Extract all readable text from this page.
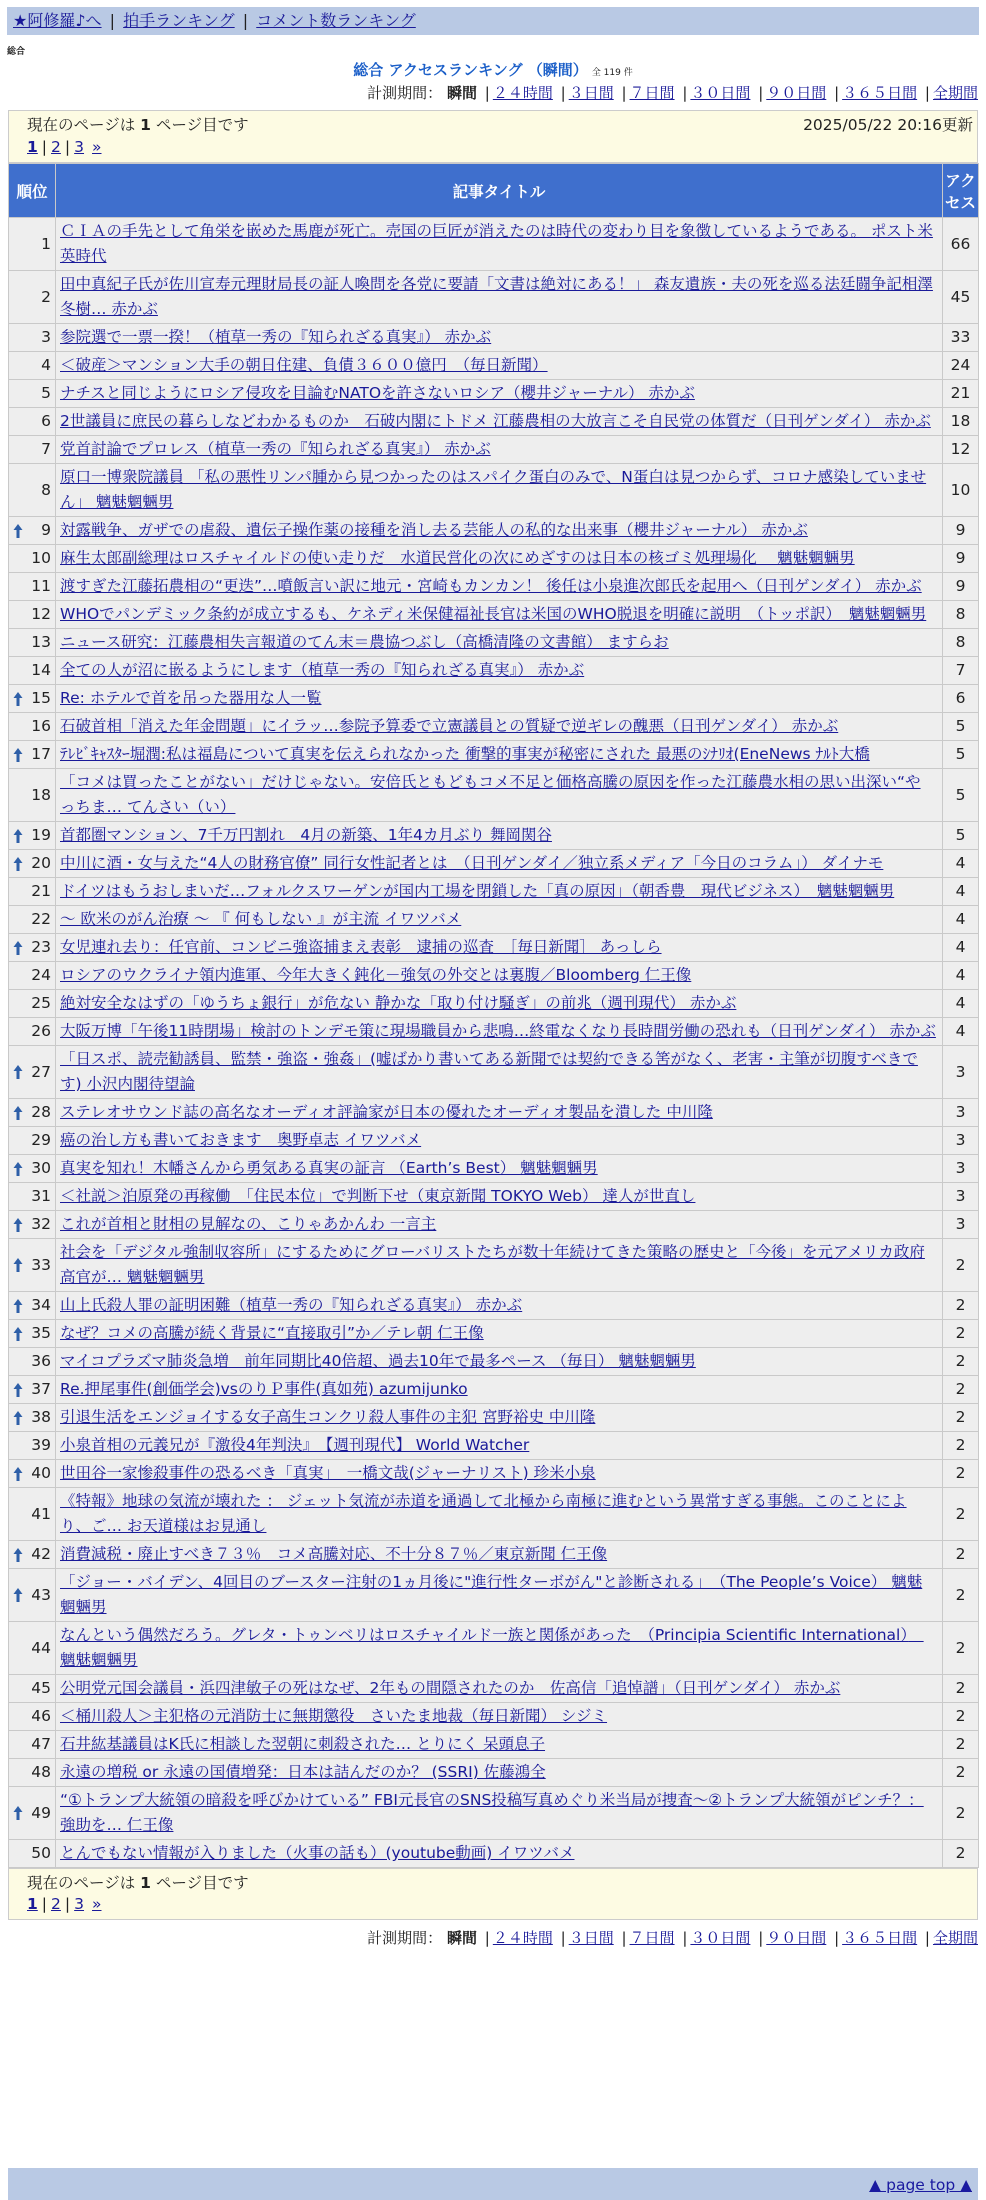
★阿修羅♪へ | 拍手ランキング | コメント数ランキング
総合
総合 アクセスランキング （瞬間） 全 119 件
計測期間： 瞬間 | ２４時間 | ３日間 | ７日間 | ３０日間 | ９０日間 | ３６５日間 | 全期間
現在のページは 1 ページ目です	2025/05/22 20:16更新
1 | 2 | 3 »
順位	記事タイトル	アクセス
1	ＣＩＡの手先として角栄を嵌めた馬鹿が死亡。売国の巨匠が消えたのは時代の変わり目を象徴しているようである。 ポスト米英時代	66
2	田中真紀子氏が佐川宣寿元理財局長の証人喚問を各党に要請「文書は絶対にある！」 森友遺族・夫の死を巡る法廷闘争記相澤冬樹… 赤かぶ	45
3	参院選で一票一揆！（植草一秀の『知られざる真実』） 赤かぶ	33
4	＜破産＞マンション大手の朝日住建、負債３６００億円　（毎日新聞）	24
5	ナチスと同じようにロシア侵攻を目論むNATOを許さないロシア（櫻井ジャーナル） 赤かぶ	21
6	2世議員に庶民の暮らしなどわかるものか　石破内閣にトドメ 江藤農相の大放言こそ自民党の体質だ（日刊ゲンダイ） 赤かぶ	18
7	党首討論でプロレス（植草一秀の『知られざる真実』） 赤かぶ	12
8	原口一博衆院議員 「私の悪性リンパ腫から見つかったのはスパイク蛋白のみで、N蛋白は見つからず、コロナ感染していません」 魑魅魍魎男	10

9	対露戦争、ガザでの虐殺、遺伝子操作薬の接種を消し去る芸能人の私的な出来事（櫻井ジャーナル） 赤かぶ	9
10	麻生太郎副総理はロスチャイルドの使い走りだ　水道民営化の次にめざすのは日本の核ゴミ処理場化　 魑魅魍魎男	9
11	渡すぎた江藤拓農相の“更迭”…噴飯言い訳に地元・宮崎もカンカン！ 後任は小泉進次郎氏を起用へ（日刊ゲンダイ） 赤かぶ	9
12	WHOでパンデミック条約が成立するも、ケネディ米保健福祉長官は米国のWHO脱退を明確に説明　（トッポ訳）　魑魅魍魎男	8
13	ニュース研究：江藤農相失言報道のてん末＝農協つぶし（高橋清隆の文書館） ますらお	8
14	全ての人が沼に嵌るようにします（植草一秀の『知られざる真実』） 赤かぶ	7

15	Re: ホテルで首を吊った器用な人一覧	6
16	石破首相「消えた年金問題」にイラッ…参院予算委で立憲議員との質疑で逆ギレの醜悪（日刊ゲンダイ） 赤かぶ	5

17	ﾃﾚﾋﾞｷｬｽﾀｰ堀潤:私は福島について真実を伝えられなかった 衝撃的事実が秘密にされた 最悪のｼﾅﾘｵ(EneNews ﾅﾙﾄ大橋	5
18	「コメは買ったことがない」だけじゃない。安倍氏ともどもコメ不足と価格高騰の原因を作った江藤農水相の思い出深い“やっちま… てんさい（い）	5

19	首都圏マンション、7千万円割れ　4月の新築、1年4カ月ぶり 舞岡関谷	5

20	中川に酒・女与えた“4人の財務官僚” 同行女性記者とは　（日刊ゲンダイ／独立系メディア「今日のコラム」） ダイナモ	4
21	ドイツはもうおしまいだ…フォルクスワーゲンが国内工場を閉鎖した「真の原因」（朝香豊　現代ビジネス）　魑魅魍魎男	4
22	～ 欧米のがん治療 ～ 『 何もしない 』が主流 イワツバメ	4

23	女児連れ去り：任官前、コンビニ強盗捕まえ表彰　逮捕の巡査　［毎日新聞］ あっしら	4
24	ロシアのウクライナ領内進軍、今年大きく鈍化－強気の外交とは裏腹／Bloomberg 仁王像	4
25	絶対安全なはずの「ゆうちょ銀行」が危ない 静かな「取り付け騒ぎ」の前兆（週刊現代） 赤かぶ	4
26	大阪万博「午後11時閉場」検討のトンデモ策に現場職員から悲鳴…終電なくなり長時間労働の恐れも（日刊ゲンダイ） 赤かぶ	4

27	「日スポ、読売勧誘員、監禁・強盗・強姦」(嘘ばかり書いてある新聞では契約できる筈がなく、老害・主筆が切腹すべきです) 小沢内閣待望論	3

28	ステレオサウンド誌の高名なオーディオ評論家が日本の優れたオーディオ製品を潰した 中川隆	3
29	癌の治し方も書いておきます　奥野卓志 イワツバメ	3

30	真実を知れ！木幡さんから勇気ある真実の証言 （Earth’s Best） 魑魅魍魎男	3
31	＜社説＞泊原発の再稼働　「住民本位」で判断下せ（東京新聞 TOKYO Web） 達人が世直し	3

32	これが首相と財相の見解なの、こりゃあかんわ 一言主	3

33	社会を「デジタル強制収容所」にするためにグローバリストたちが数十年続けてきた策略の歴史と「今後」を元アメリカ政府高官が… 魑魅魍魎男	2

34	山上氏殺人罪の証明困難（植草一秀の『知られざる真実』） 赤かぶ	2

35	なぜ？コメの高騰が続く背景に“直接取引”か／テレ朝 仁王像	2
36	マイコプラズマ肺炎急増　前年同期比40倍超、過去10年で最多ペース （毎日） 魑魅魍魎男	2

37	Re.押尾事件(創価学会)vsのりＰ事件(真如苑) azumijunko	2

38	引退生活をエンジョイする女子高生コンクリ殺人事件の主犯 宮野裕史 中川隆	2
39	小泉首相の元義兄が『激役4年判決』　【週刊現代】 World Watcher	2

40	世田谷一家惨殺事件の恐るべき「真実」　一橋文哉(ジャーナリスト) 珍米小泉	2
41	《特報》地球の気流が壊れた ： ジェット気流が赤道を通過して北極から南極に進むという異常すぎる事態。このことにより、ご… お天道様はお見通し	2

42	消費減税・廃止すべき７３％　コメ高騰対応、不十分８７％／東京新聞 仁王像	2

43	「ジョー・バイデン、4回目のブースター注射の1ヵ月後に"進行性ターボがん"と診断される」　（The People’s Voice） 魑魅魍魎男	2
44	なんという偶然だろう。グレタ・トゥンベリはロスチャイルド一族と関係があった　（Principia Scientific International）　魑魅魍魎男	2
45	公明党元国会議員・浜四津敏子の死はなぜ、2年もの間隠されたのか　佐高信「追悼譜」（日刊ゲンダイ） 赤かぶ	2
46	＜桶川殺人＞主犯格の元消防士に無期懲役　さいたま地裁（毎日新聞） シジミ	2
47	石井紘基議員はK氏に相談した翌朝に刺殺された… とりにく 呆頭息子	2
48	永遠の増税 or 永遠の国債増発：日本は詰んだのか？ (SSRI) 佐藤鴻全	2

49	“①トランプ大統領の暗殺を呼びかけている” FBI元長官のSNS投稿写真めぐり米当局が捜査～②トランプ大統領がピンチ？：強助を… 仁王像	2
50	とんでもない情報が入りました（火事の話も）(youtube動画) イワツバメ	2
現在のページは 1 ページ目です
1 | 2 | 3 »
計測期間： 瞬間 | ２４時間 | ３日間 | ７日間 | ３０日間 | ９０日間 | ３６５日間 | 全期間
▲ page top ▲
